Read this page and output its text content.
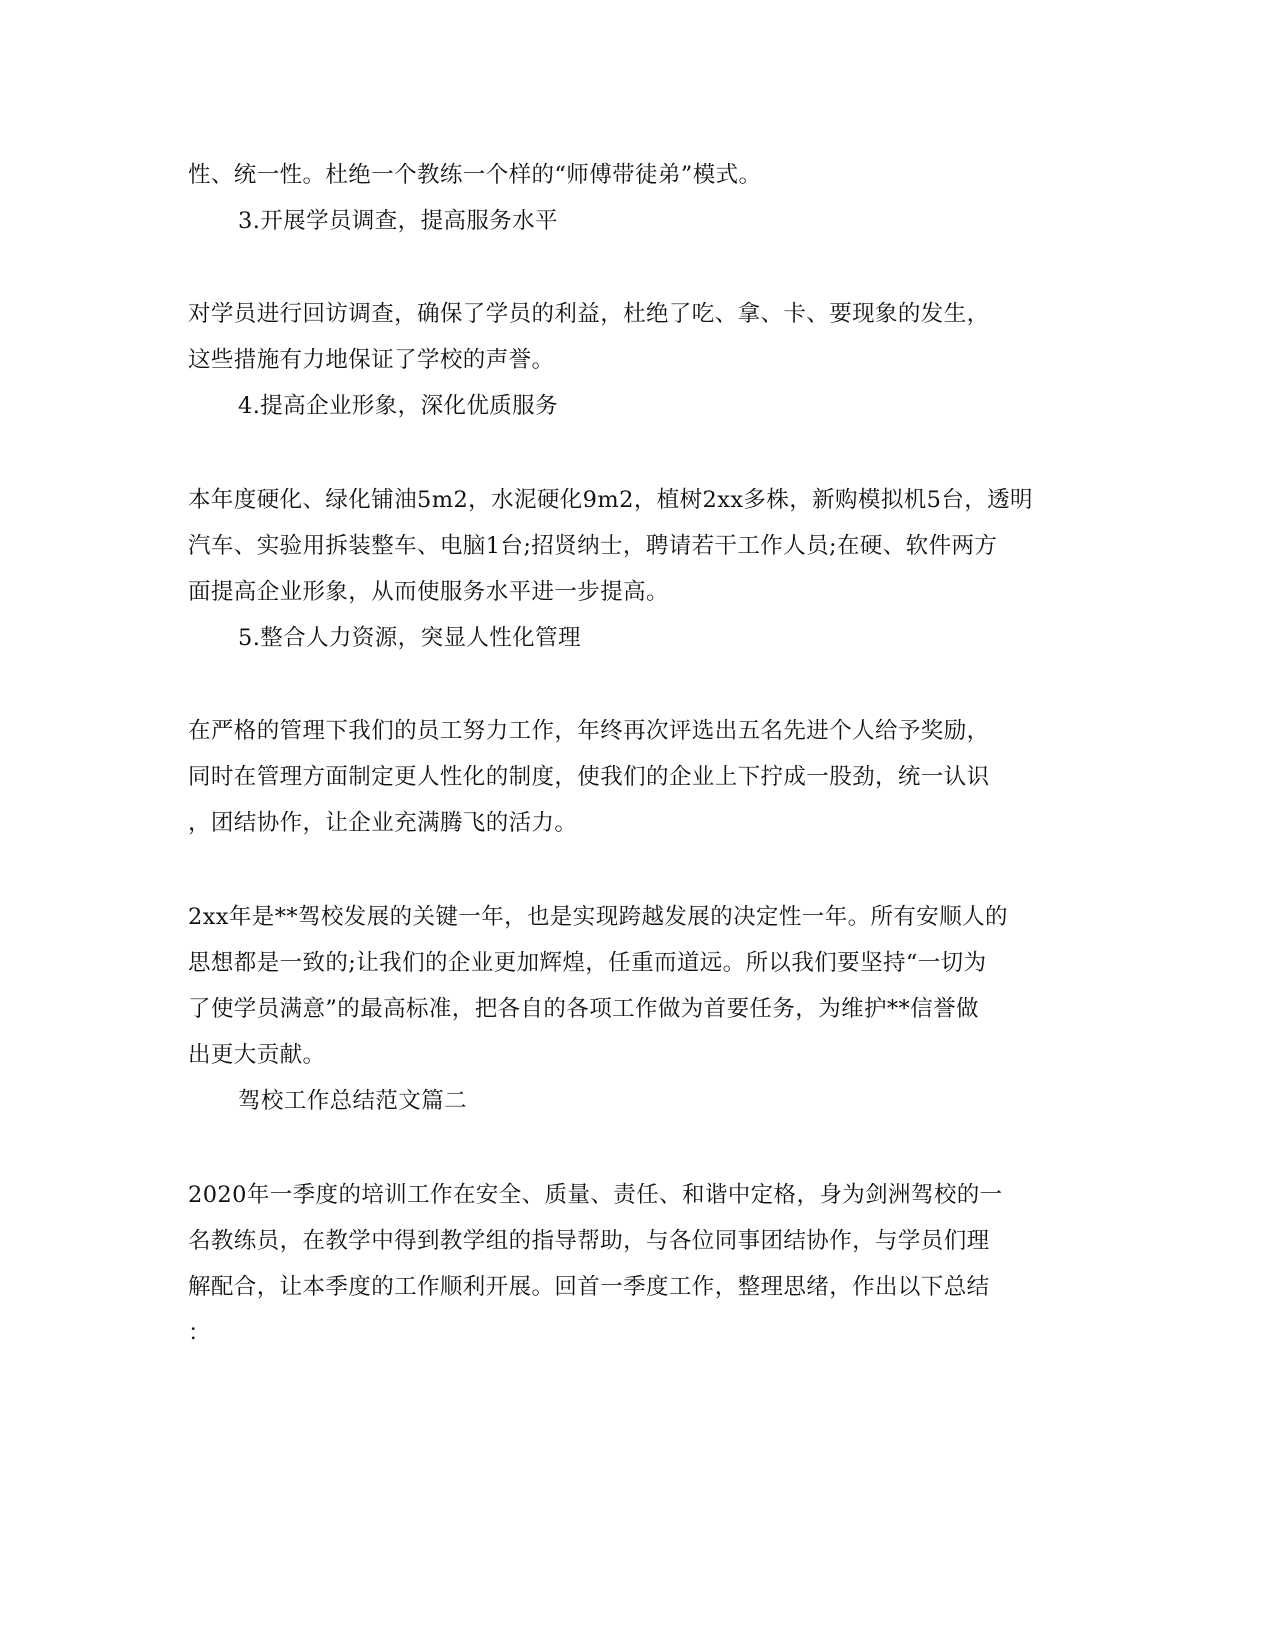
性、统一性。杜绝一个教练一个样的“师傅带徒弟”模式。
3.开展学员调查，提高服务水平
对学员进行回访调查，确保了学员的利益，杜绝了吃、拿、卡、要现象的发生，
这些措施有力地保证了学校的声誉。
4.提高企业形象，深化优质服务
本年度硬化、绿化铺油5m2，水泥硬化9m2，植树2xx多株，新购模拟机5台，透明
汽车、实验用拆装整车、电脑1台;招贤纳士，聘请若干工作人员;在硬、软件两方
面提高企业形象，从而使服务水平进一步提高。
5.整合人力资源，突显人性化管理
在严格的管理下我们的员工努力工作，年终再次评选出五名先进个人给予奖励，
同时在管理方面制定更人性化的制度，使我们的企业上下拧成一股劲，统一认识
，团结协作，让企业充满腾飞的活力。
2xx年是**驾校发展的关键一年，也是实现跨越发展的决定性一年。所有安顺人的
思想都是一致的;让我们的企业更加辉煌，任重而道远。所以我们要坚持“一切为
了使学员满意”的最高标准，把各自的各项工作做为首要任务，为维护**信誉做
出更大贡献。
驾校工作总结范文篇二
2020年一季度的培训工作在安全、质量、责任、和谐中定格，身为剑洲驾校的一
名教练员，在教学中得到教学组的指导帮助，与各位同事团结协作，与学员们理
解配合，让本季度的工作顺利开展。回首一季度工作，整理思绪，作出以下总结
：
